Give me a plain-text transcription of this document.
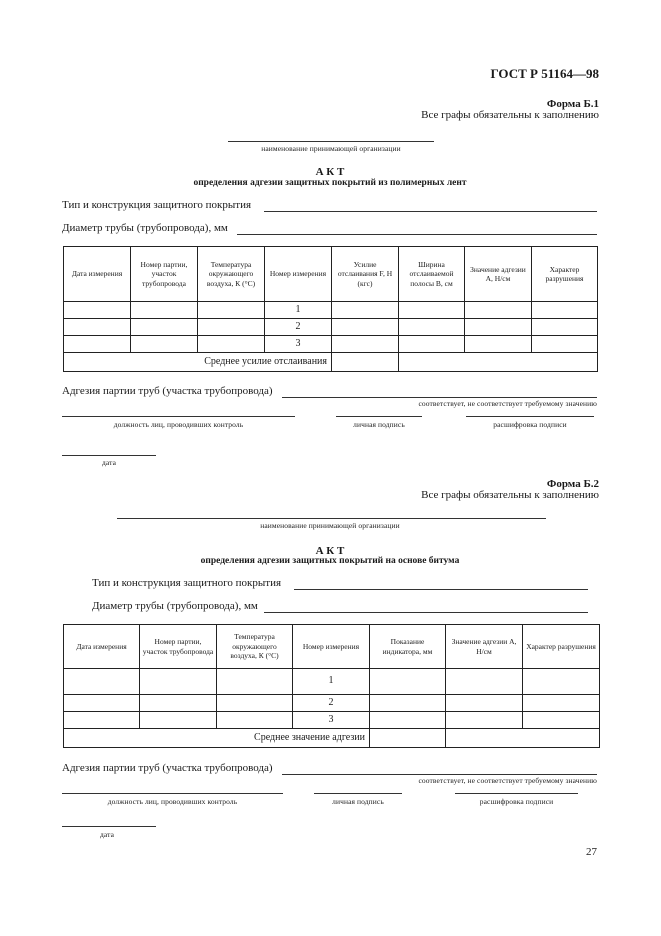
ГОСТ Р 51164—98
Форма Б.1
Все графы обязательны к заполнению
наименование принимающей организации
А К Т
определения адгезии защитных покрытий из полимерных лент
Тип и конструкция защитного покрытия
Диаметр трубы (трубопровода), мм
Дата измерения	Номер партии, участок трубопровода	Температура окружающего воздуха, К (°С)	Номер измерения	Усилие отслаивания F, Н (кгс)	Ширина отслаиваемой полосы B, см	Значение адгезии A, Н/см	Характер разрушения
			1				
			2				
			3				
Среднее усилие отслаивания							
Адгезия партии труб (участка трубопровода)
соответствует, не соответствует требуемому значению
должность лиц, проводивших контроль	личная подпись	расшифровка подписи
дата
Форма Б.2
Все графы обязательны к заполнению
наименование принимающей организации
А К Т
определения адгезии защитных покрытий на основе битума
Тип и конструкция защитного покрытия
Диаметр трубы (трубопровода), мм
Дата измерения	Номер партии, участок трубопровода	Температура окружающего воздуха, К (°С)	Номер измерения	Показание индикатора, мм	Значение адгезии А, Н/см	Характер разрушения
			1			
			2			
			3			
Среднее значение адгезии						
Адгезия партии труб (участка трубопровода)
соответствует, не соответствует требуемому значению
должность лиц, проводивших контроль	личная подпись	расшифровка подписи
дата
27
